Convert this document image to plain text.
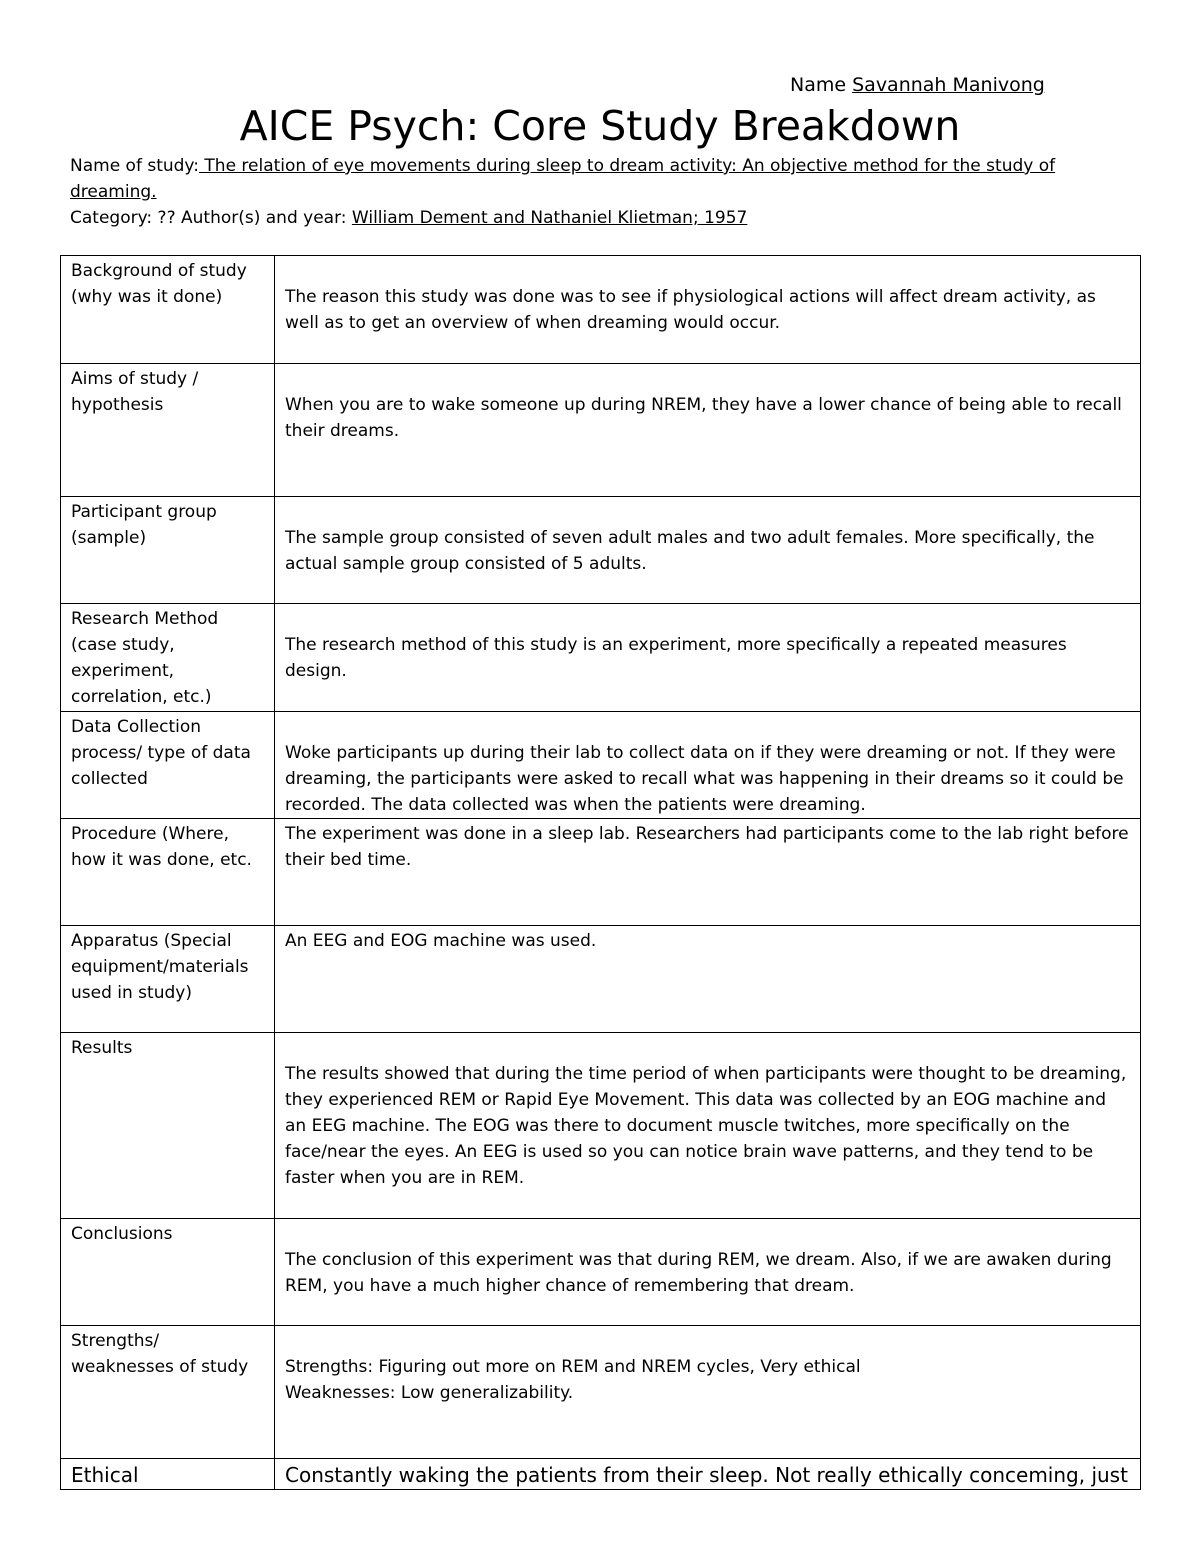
Name Savannah Manivong
AICE Psych: Core Study Breakdown

Name of study: The relation of eye movements during sleep to dream activity: An objective method for the study of dreaming.

Category: ?? Author(s) and year: William Dement and Nathaniel Klietman; 1957

Background of study (why was it done)	The reason this study was done was to see if physiological actions will affect dream activity, as well as to get an overview of when dreaming would occur.
Aims of study / hypothesis	When you are to wake someone up during NREM, they have a lower chance of being able to recall their dreams.
Participant group (sample)	The sample group consisted of seven adult males and two adult females. More specifically, the actual sample group consisted of 5 adults.
Research Method (case study, experiment, correlation, etc.)	The research method of this study is an experiment, more specifically a repeated measures design.
Data Collection process/ type of data collected	Woke participants up during their lab to collect data on if they were dreaming or not. If they were dreaming, the participants were asked to recall what was happening in their dreams so it could be recorded. The data collected was when the patients were dreaming.
Procedure (Where, how it was done, etc.	The experiment was done in a sleep lab. Researchers had participants come to the lab right before their bed time.
Apparatus (Special equipment/materials used in study)	An EEG and EOG machine was used.
Results	The results showed that during the time period of when participants were thought to be dreaming, they experienced REM or Rapid Eye Movement. This data was collected by an EOG machine and an EEG machine. The EOG was there to document muscle twitches, more specifically on the face/near the eyes. An EEG is used so you can notice brain wave patterns, and they tend to be faster when you are in REM.
Conclusions	The conclusion of this experiment was that during REM, we dream. Also, if we are awaken during REM, you have a much higher chance of remembering that dream.
Strengths/ weaknesses of study	Strengths: Figuring out more on REM and NREM cycles, Very ethical
Weaknesses: Low generalizability.
Ethical	Constantly waking the patients from their sleep. Not really ethically conceming, just
